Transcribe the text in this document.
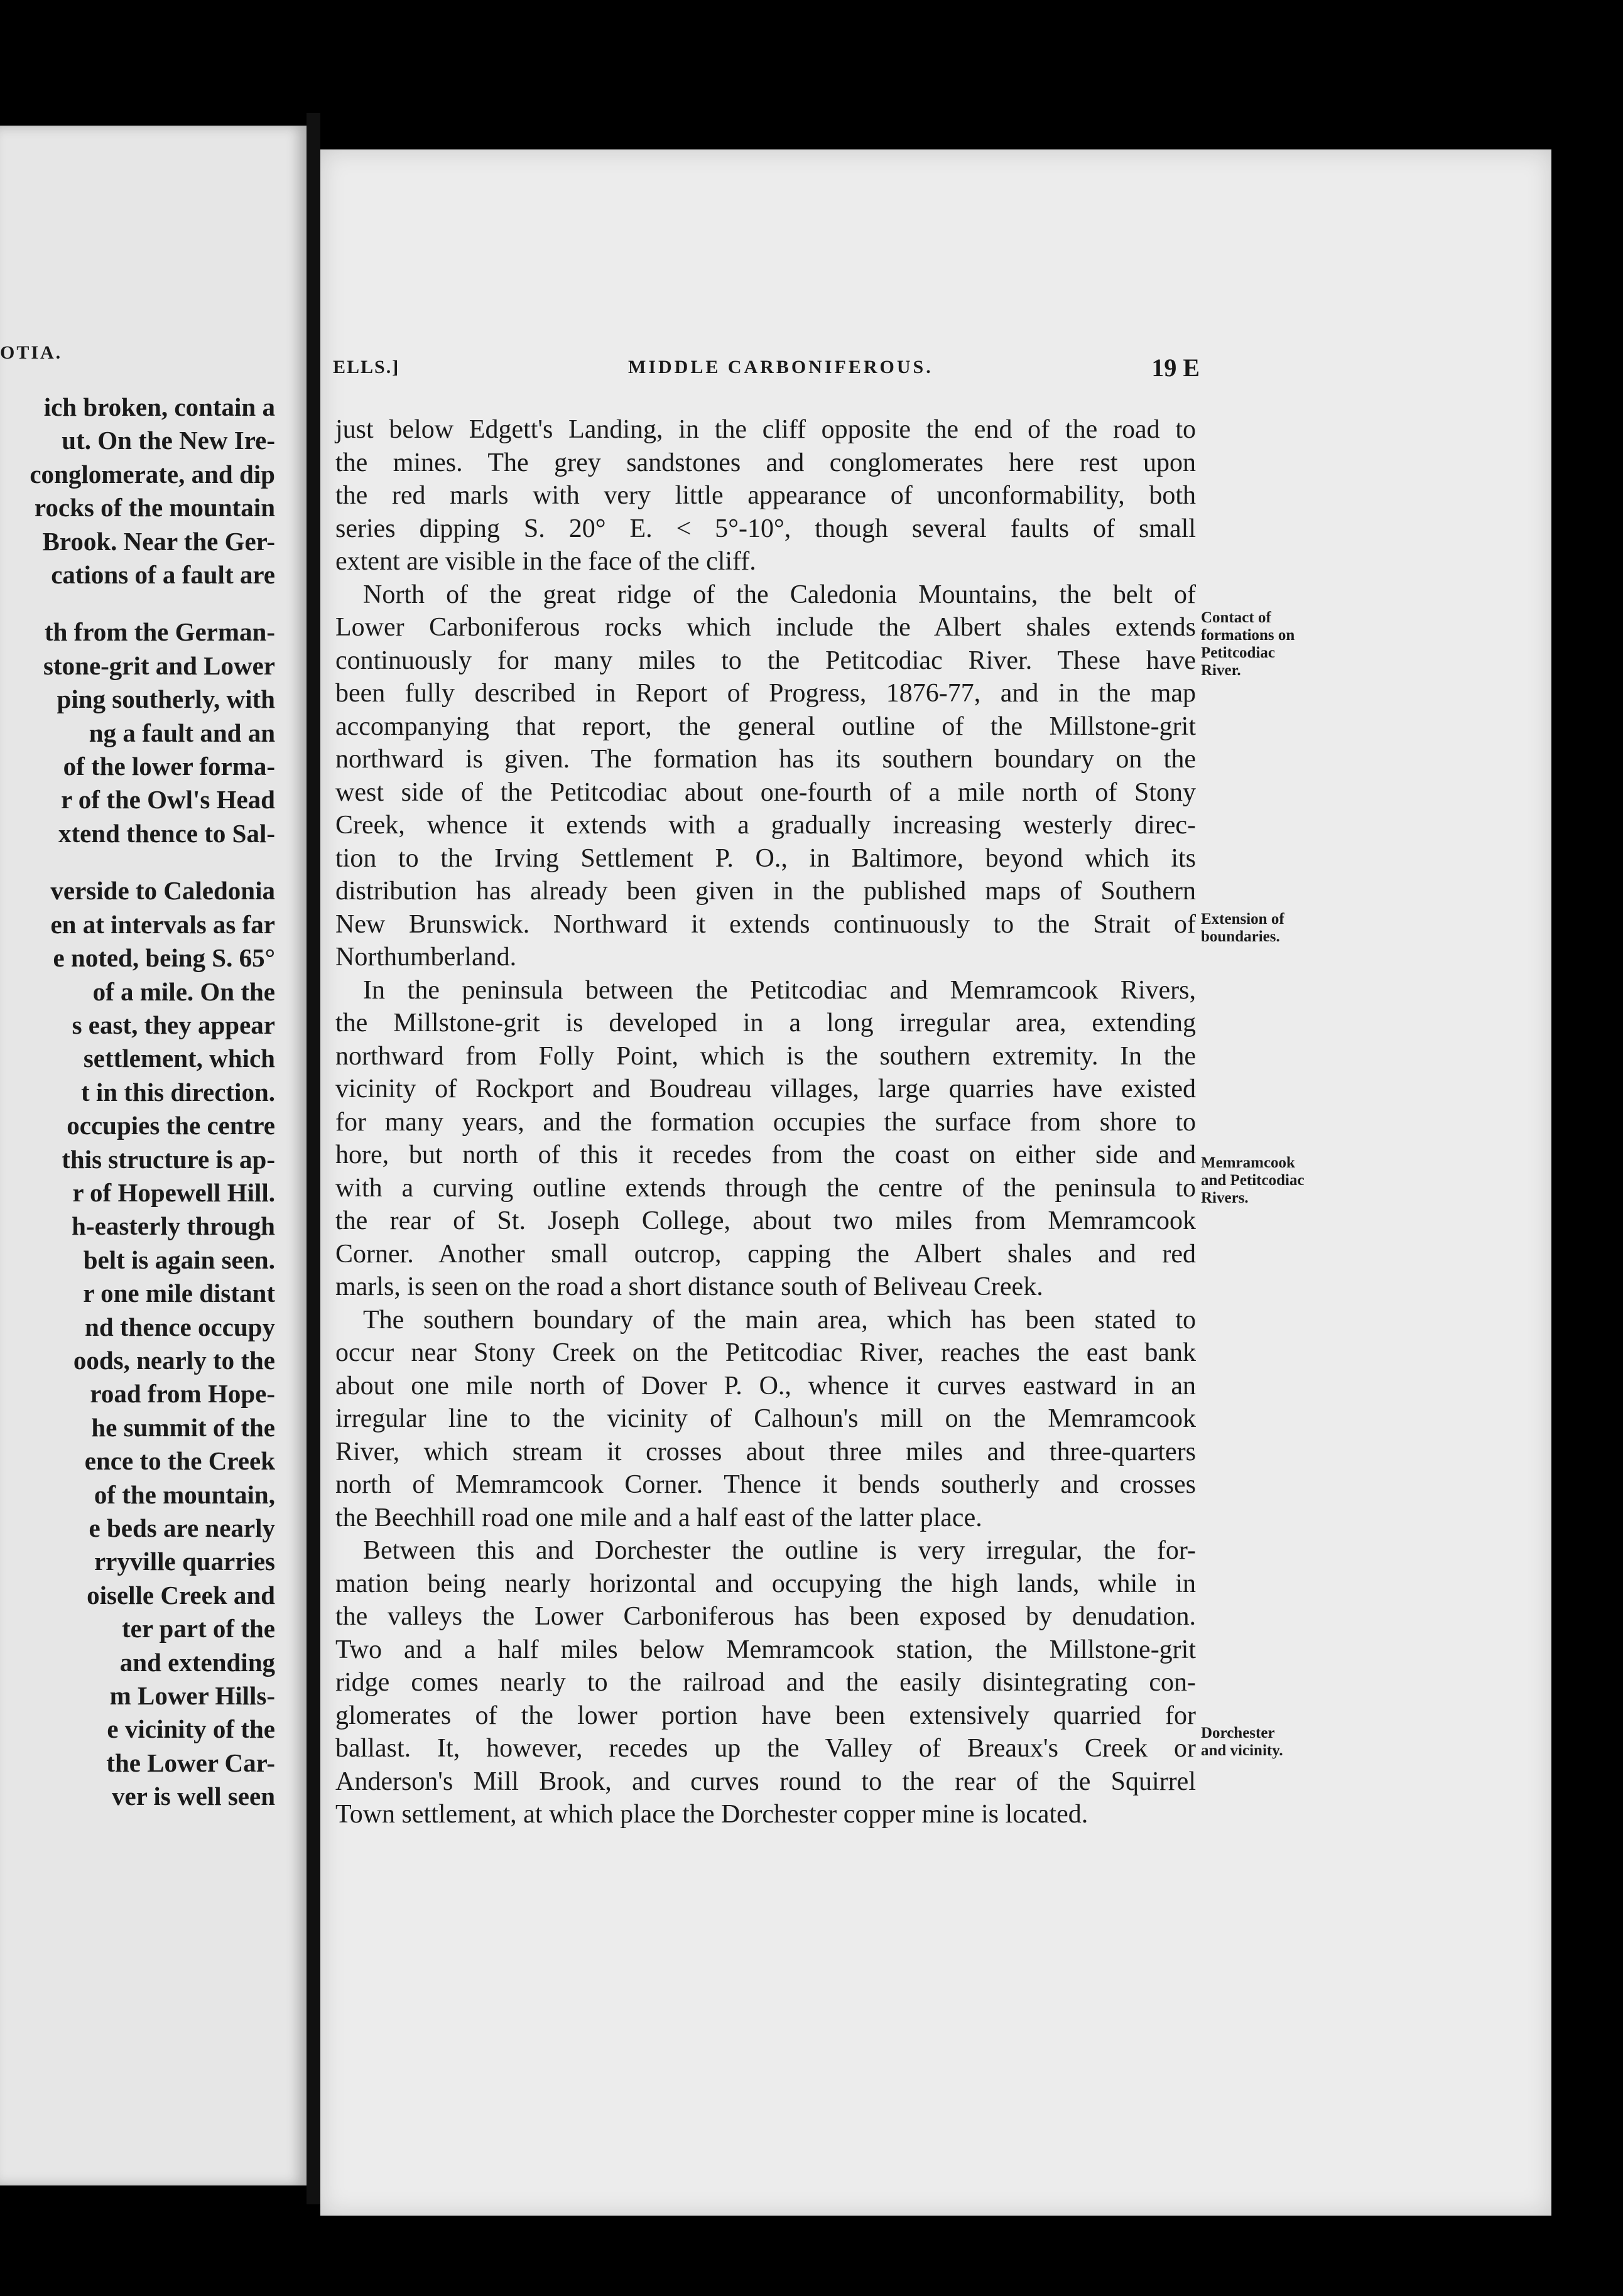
OTIA.
ich broken, contain a
ut. On the New Ire-
conglomerate, and dip
rocks of the mountain
Brook. Near the Ger-
cations of a fault are
th from the German-
stone-grit and Lower
ping southerly, with
ng a fault and an
of the lower forma-
r of the Owl's Head
xtend thence to Sal-
verside to Caledonia
en at intervals as far
e noted, being S. 65°
of a mile. On the
s east, they appear
settlement, which
t in this direction.
occupies the centre
this structure is ap-
r of Hopewell Hill.
h-easterly through
belt is again seen.
r one mile distant
nd thence occupy
oods, nearly to the
road from Hope-
he summit of the
ence to the Creek
of the mountain,
e beds are nearly
rryville quarries
oiselle Creek and
ter part of the
and extending
m Lower Hills-
e vicinity of the
the Lower Car-
ver is well seen
ELLS.]	MIDDLE CARBONIFEROUS.	19 E
just below Edgett's Landing, in the cliff opposite the end of the road to
the mines. The grey sandstones and conglomerates here rest upon
the red marls with very little appearance of unconformability, both
series dipping S. 20° E. < 5°-10°, though several faults of small
extent are visible in the face of the cliff.
North of the great ridge of the Caledonia Mountains, the belt of
Lower Carboniferous rocks which include the Albert shales extends
continuously for many miles to the Petitcodiac River. These have
been fully described in Report of Progress, 1876-77, and in the map
accompanying that report, the general outline of the Millstone-grit
northward is given. The formation has its southern boundary on the
west side of the Petitcodiac about one-fourth of a mile north of Stony
Creek, whence it extends with a gradually increasing westerly direc-
tion to the Irving Settlement P. O., in Baltimore, beyond which its
distribution has already been given in the published maps of Southern
New Brunswick. Northward it extends continuously to the Strait of
Northumberland.
In the peninsula between the Petitcodiac and Memramcook Rivers,
the Millstone-grit is developed in a long irregular area, extending
northward from Folly Point, which is the southern extremity. In the
vicinity of Rockport and Boudreau villages, large quarries have existed
for many years, and the formation occupies the surface from shore to
hore, but north of this it recedes from the coast on either side and
with a curving outline extends through the centre of the peninsula to
the rear of St. Joseph College, about two miles from Memramcook
Corner. Another small outcrop, capping the Albert shales and red
marls, is seen on the road a short distance south of Beliveau Creek.
The southern boundary of the main area, which has been stated to
occur near Stony Creek on the Petitcodiac River, reaches the east bank
about one mile north of Dover P. O., whence it curves eastward in an
irregular line to the vicinity of Calhoun's mill on the Memramcook
River, which stream it crosses about three miles and three-quarters
north of Memramcook Corner. Thence it bends southerly and crosses
the Beechhill road one mile and a half east of the latter place.
Between this and Dorchester the outline is very irregular, the for-
mation being nearly horizontal and occupying the high lands, while in
the valleys the Lower Carboniferous has been exposed by denudation.
Two and a half miles below Memramcook station, the Millstone-grit
ridge comes nearly to the railroad and the easily disintegrating con-
glomerates of the lower portion have been extensively quarried for
ballast. It, however, recedes up the Valley of Breaux's Creek or
Anderson's Mill Brook, and curves round to the rear of the Squirrel
Town settlement, at which place the Dorchester copper mine is located.
Contact of
formations on
Petitcodiac
River.
Extension of
boundaries.
Memramcook
and Petitcodiac
Rivers.
Dorchester
and vicinity.
